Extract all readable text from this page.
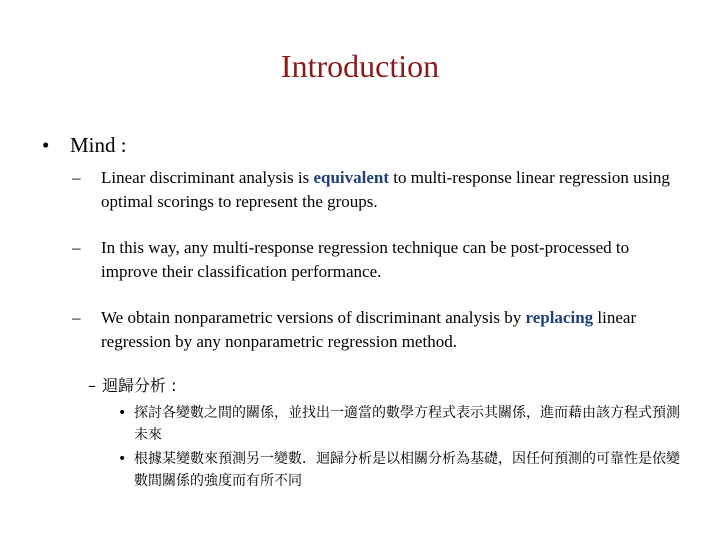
Introduction
• Mind :
– Linear discriminant analysis is equivalent to multi-response linear regression using optimal scorings to represent the groups.
– In this way, any multi-response regression technique can be post-processed to improve their classification performance.
– We obtain nonparametric versions of discriminant analysis by replacing linear regression by any nonparametric regression method.
– 迴歸分析 :
• 探討各變數之間的關係，並找出一適當的數學方程式表示其關係，進而藉由該方程式預測未來
• 根據某變數來預測另一變數．迴歸分析是以相關分析為基礎，因任何預測的可靠性是依變數間關係的強度而有所不同
